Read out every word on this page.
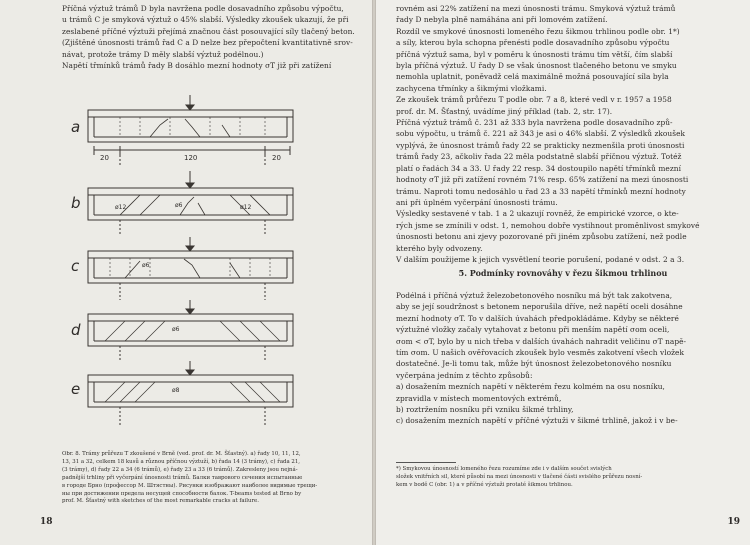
Příčná výztuž trámů D byla navržena podle dosavadního způsobu výpočtu,
u trámů C je smyková výztuž o 45% slabší. Výsledky zkoušek ukazují, že při
zeslabené příčné výztuži přejímá značnou část posouvající síly tlačený beton.
(Zjištěné únosnosti trámů řad C a D nelze bez přepočtení kvantitativně srov-
návat, protože trámy D měly slabší výztuž podélnou.)
Napětí třmínků trámů řady B dosáhlo mezní hodnoty σT již při zatížení

a
b
c
d
e
20	120	20
ø12	ø6	ø12
ø6
ø6
ø8

Obr. 8. Trámy průřezu T zkoušené v Brně (ved. prof. dr. M. Šťastný). a) řady 10, 11, 12,
13, 31 a 32, celkem 18 kusů a různou příčnou výztuží, b) řada 14 (3 trámy), c) řada 21,
(3 trámy), d) řady 22 a 34 (6 trámů), e) řady 23 a 33 (6 trámů). Zakresleny jsou nejná-
padnější trhliny při vyčerpání únosnosti trámů. Балки таврового сечения испытанные
в городе Брно (профессор М. Штястны). Рисунки изображают наиболее видимые трещи-
ны при достижении предела несущей способности балок. T-beams tested at Brno by
prof. M. Šťastný with sketches of the most remarkable cracks at failure.

18

rovném asi 22% zatížení na mezi únosnosti trámu. Smyková výztuž trámů
řady D nebyla plně namáhána ani při lomovém zatížení.
Rozdíl ve smykové únosnosti lomeného řezu šikmou trhlinou podle obr. 1*)
a síly, kterou byla schopna přenésti podle dosavadního způsobu výpočtu
příčná výztuž sama, byl v poměru k únosnosti trámu tím větší, čím slabší
byla příčná výztuž. U řady D se však únosnost tlačeného betonu ve smyku
nemohla uplatnit, poněvadž celá maximálně možná posouvající síla byla
zachycena třmínky a šikmými vložkami.
Ze zkoušek trámů průřezu T podle obr. 7 a 8, které vedl v r. 1957 a 1958
prof. dr. M. Šťastný, uvádíme jiný příklad (tab. 2, str. 17).
Příčná výztuž trámů č. 231 až 333 byla navržena podle dosavadního způ-
sobu výpočtu, u trámů č. 221 až 343 je asi o 46% slabší. Z výsledků zkoušek
vyplývá, že únosnost trámů řady 22 se prakticky nezmenšila proti únosnosti
trámů řady 23, ačkoliv řada 22 měla podstatně slabší příčnou výztuž. Totéž
platí o řadách 34 a 33. U řady 22 resp. 34 dostoupilo napětí třmínků mezní
hodnoty σT již při zatížení rovném 71% resp. 65% zatížení na mezi únosnosti
trámu. Naproti tomu nedosáhlo u řad 23 a 33 napětí třmínků mezní hodnoty
ani při úplném vyčerpání únosnosti trámu.
Výsledky sestavené v tab. 1 a 2 ukazují rovněž, že empirické vzorce, o kte-
rých jsme se zmínili v odst. 1, nemohou dobře vystihnout proměnlivost smykové
únosnosti betonu ani zjevy pozorované při jiném způsobu zatížení, než podle
kterého byly odvozeny.
V dalším použijeme k jejich vysvětlení teorie porušení, podané v odst. 2 a 3.

5. Podmínky rovnováhy v řezu šikmou trhlinou

Podélná i příčná výztuž železobetonového nosníku má být tak zakotvena,
aby se její soudržnost s betonem neporušila dříve, než napětí oceli dosáhne
mezní hodnoty σT. To v dalších úvahách předpokládáme. Kdyby se některé
výztužné vložky začaly vytahovat z betonu při menším napětí σom oceli,
σom < σT, bylo by u nich třeba v dalších úvahách nahradit veličinu σT napě-
tím σom. U našich ověřovacích zkoušek bylo vesměs zakotvení všech vložek
dostatečné. Je-li tomu tak, může být únosnost železobetonového nosníku
vyčerpána jedním z těchto způsobů:
a) dosažením mezních napětí v některém řezu kolmém na osu nosníku,
zpravidla v místech momentových extrémů,
b) roztržením nosníku při vzniku šikmé trhliny,
c) dosažením mezních napětí v příčné výztuži v šikmé trhlině, jakož i v be-

*) Smykovou únosností lomeného řezu rozumíme zde i v dalším součet svislých
složek vnitřních sil, které působí na mezi únosnosti v tlačené části svislého průřezu nosní-
kem v bodě C (obr. 1) a v příčné výztuži protaté šikmou trhlinou.

19
